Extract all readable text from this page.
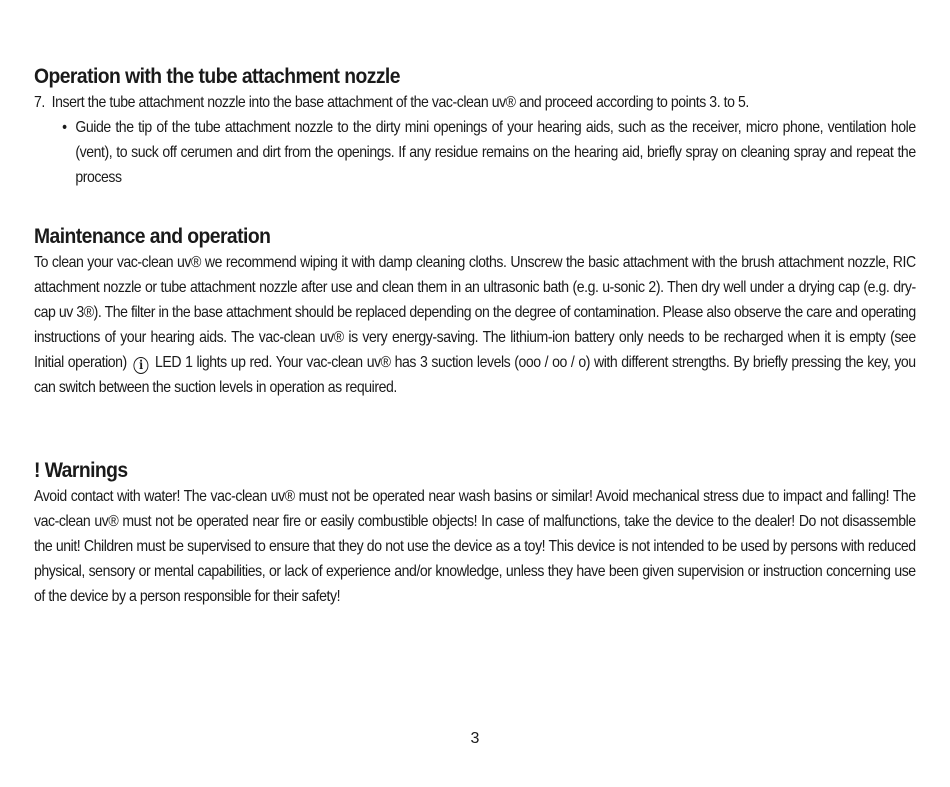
Operation with the tube attachment nozzle
7. Insert the tube attachment nozzle into the base attachment of the vac-clean uv® and proceed according to points 3. to 5.
• Guide the tip of the tube attachment nozzle to the dirty mini openings of your hearing aids, such as the receiver, micro phone, ventilation hole (vent), to suck off cerumen and dirt from the openings. If any residue remains on the hearing aid, briefly spray on cleaning spray and repeat the process
Maintenance and operation

To clean your vac-clean uv® we recommend wiping it with damp cleaning cloths. Unscrew the basic attachment with the brush attachment nozzle, RIC attachment nozzle or tube attachment nozzle after use and clean them in an ultrasonic bath (e.g. u-sonic 2). Then dry well under a drying cap (e.g. dry-cap uv 3®). The filter in the base attachment should be replaced depending on the degree of contamination. Please also observe the care and operating instructions of your hearing aids. The vac-clean uv® is very energy-saving. The lithium-ion battery only needs to be recharged when it is empty (see Initial operation) i LED 1 lights up red. Your vac-clean uv® has 3 suction levels (ooo / oo / o) with different strengths. By briefly pressing the key, you can switch between the suction levels in operation as required.

! Warnings

Avoid contact with water! The vac-clean uv® must not be operated near wash basins or similar! Avoid mechanical stress due to impact and falling! The vac-clean uv® must not be operated near fire or easily combustible objects! In case of malfunctions, take the device to the dealer! Do not disassemble the unit! Children must be supervised to ensure that they do not use the device as a toy! This device is not intended to be used by persons with reduced physical, sensory or mental capabilities, or lack of experience and/or knowledge, unless they have been given supervision or instruction concerning use of the device by a person responsible for their safety!

3
